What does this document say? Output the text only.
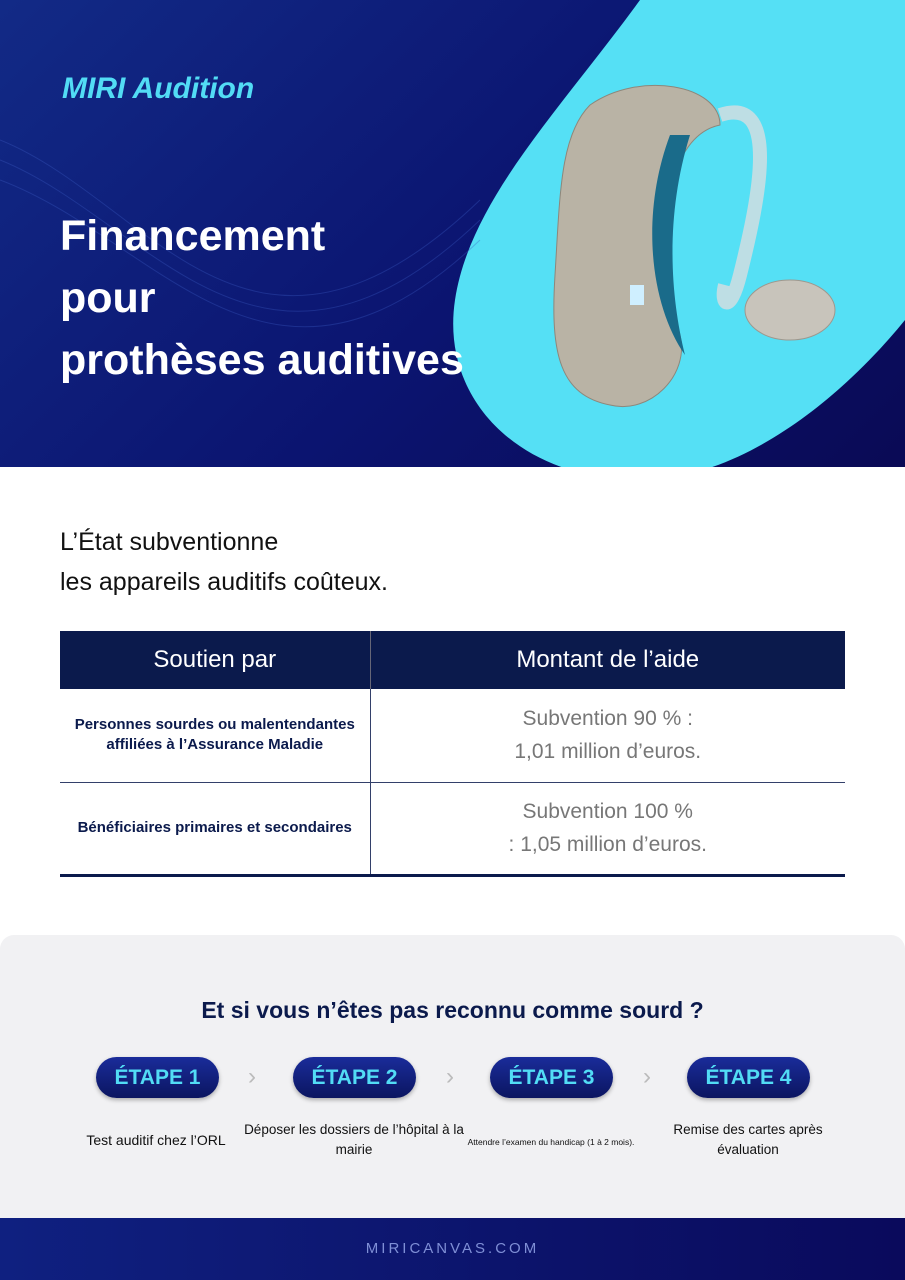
MIRI Audition
Financement
pour
prothèses auditives
L’État subventionne
les appareils auditifs coûteux.
Soutien par	Montant de l’aide
Personnes sourdes ou malentendantes affiliées à l’Assurance Maladie	Subvention 90 % :
1,01 million d’euros.

Bénéficiaires primaires et secondaires	Subvention 100 %
: 1,05 million d’euros.
Et si vous n’êtes pas reconnu comme sourd ?
ÉTAPE 1	›	ÉTAPE 2	›	ÉTAPE 3	›	ÉTAPE 4
Test auditif chez l’ORL
Déposer les dossiers de l’hôpital à la mairie	Attendre l’examen du handicap (1 à 2 mois).
Remise des cartes après évaluation
MIRICANVAS.COM
